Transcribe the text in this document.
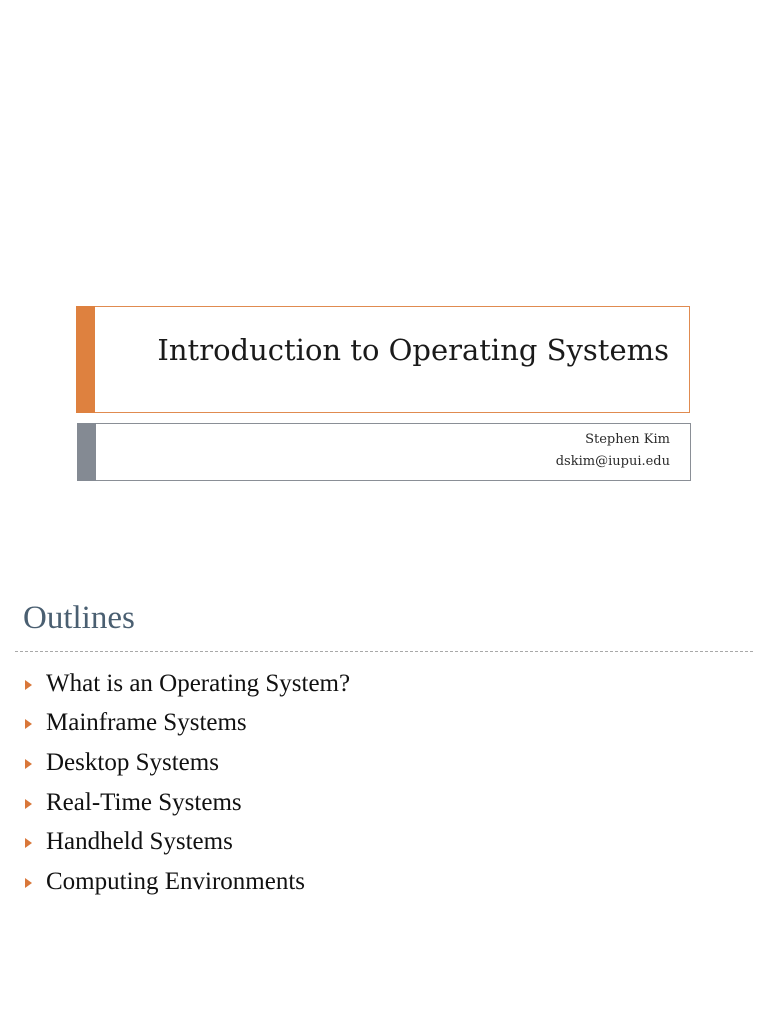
Introduction to Operating Systems
Stephen Kim
dskim@iupui.edu
Outlines
What is an Operating System?
Mainframe Systems
Desktop Systems
Real-Time Systems
Handheld Systems
Computing Environments
